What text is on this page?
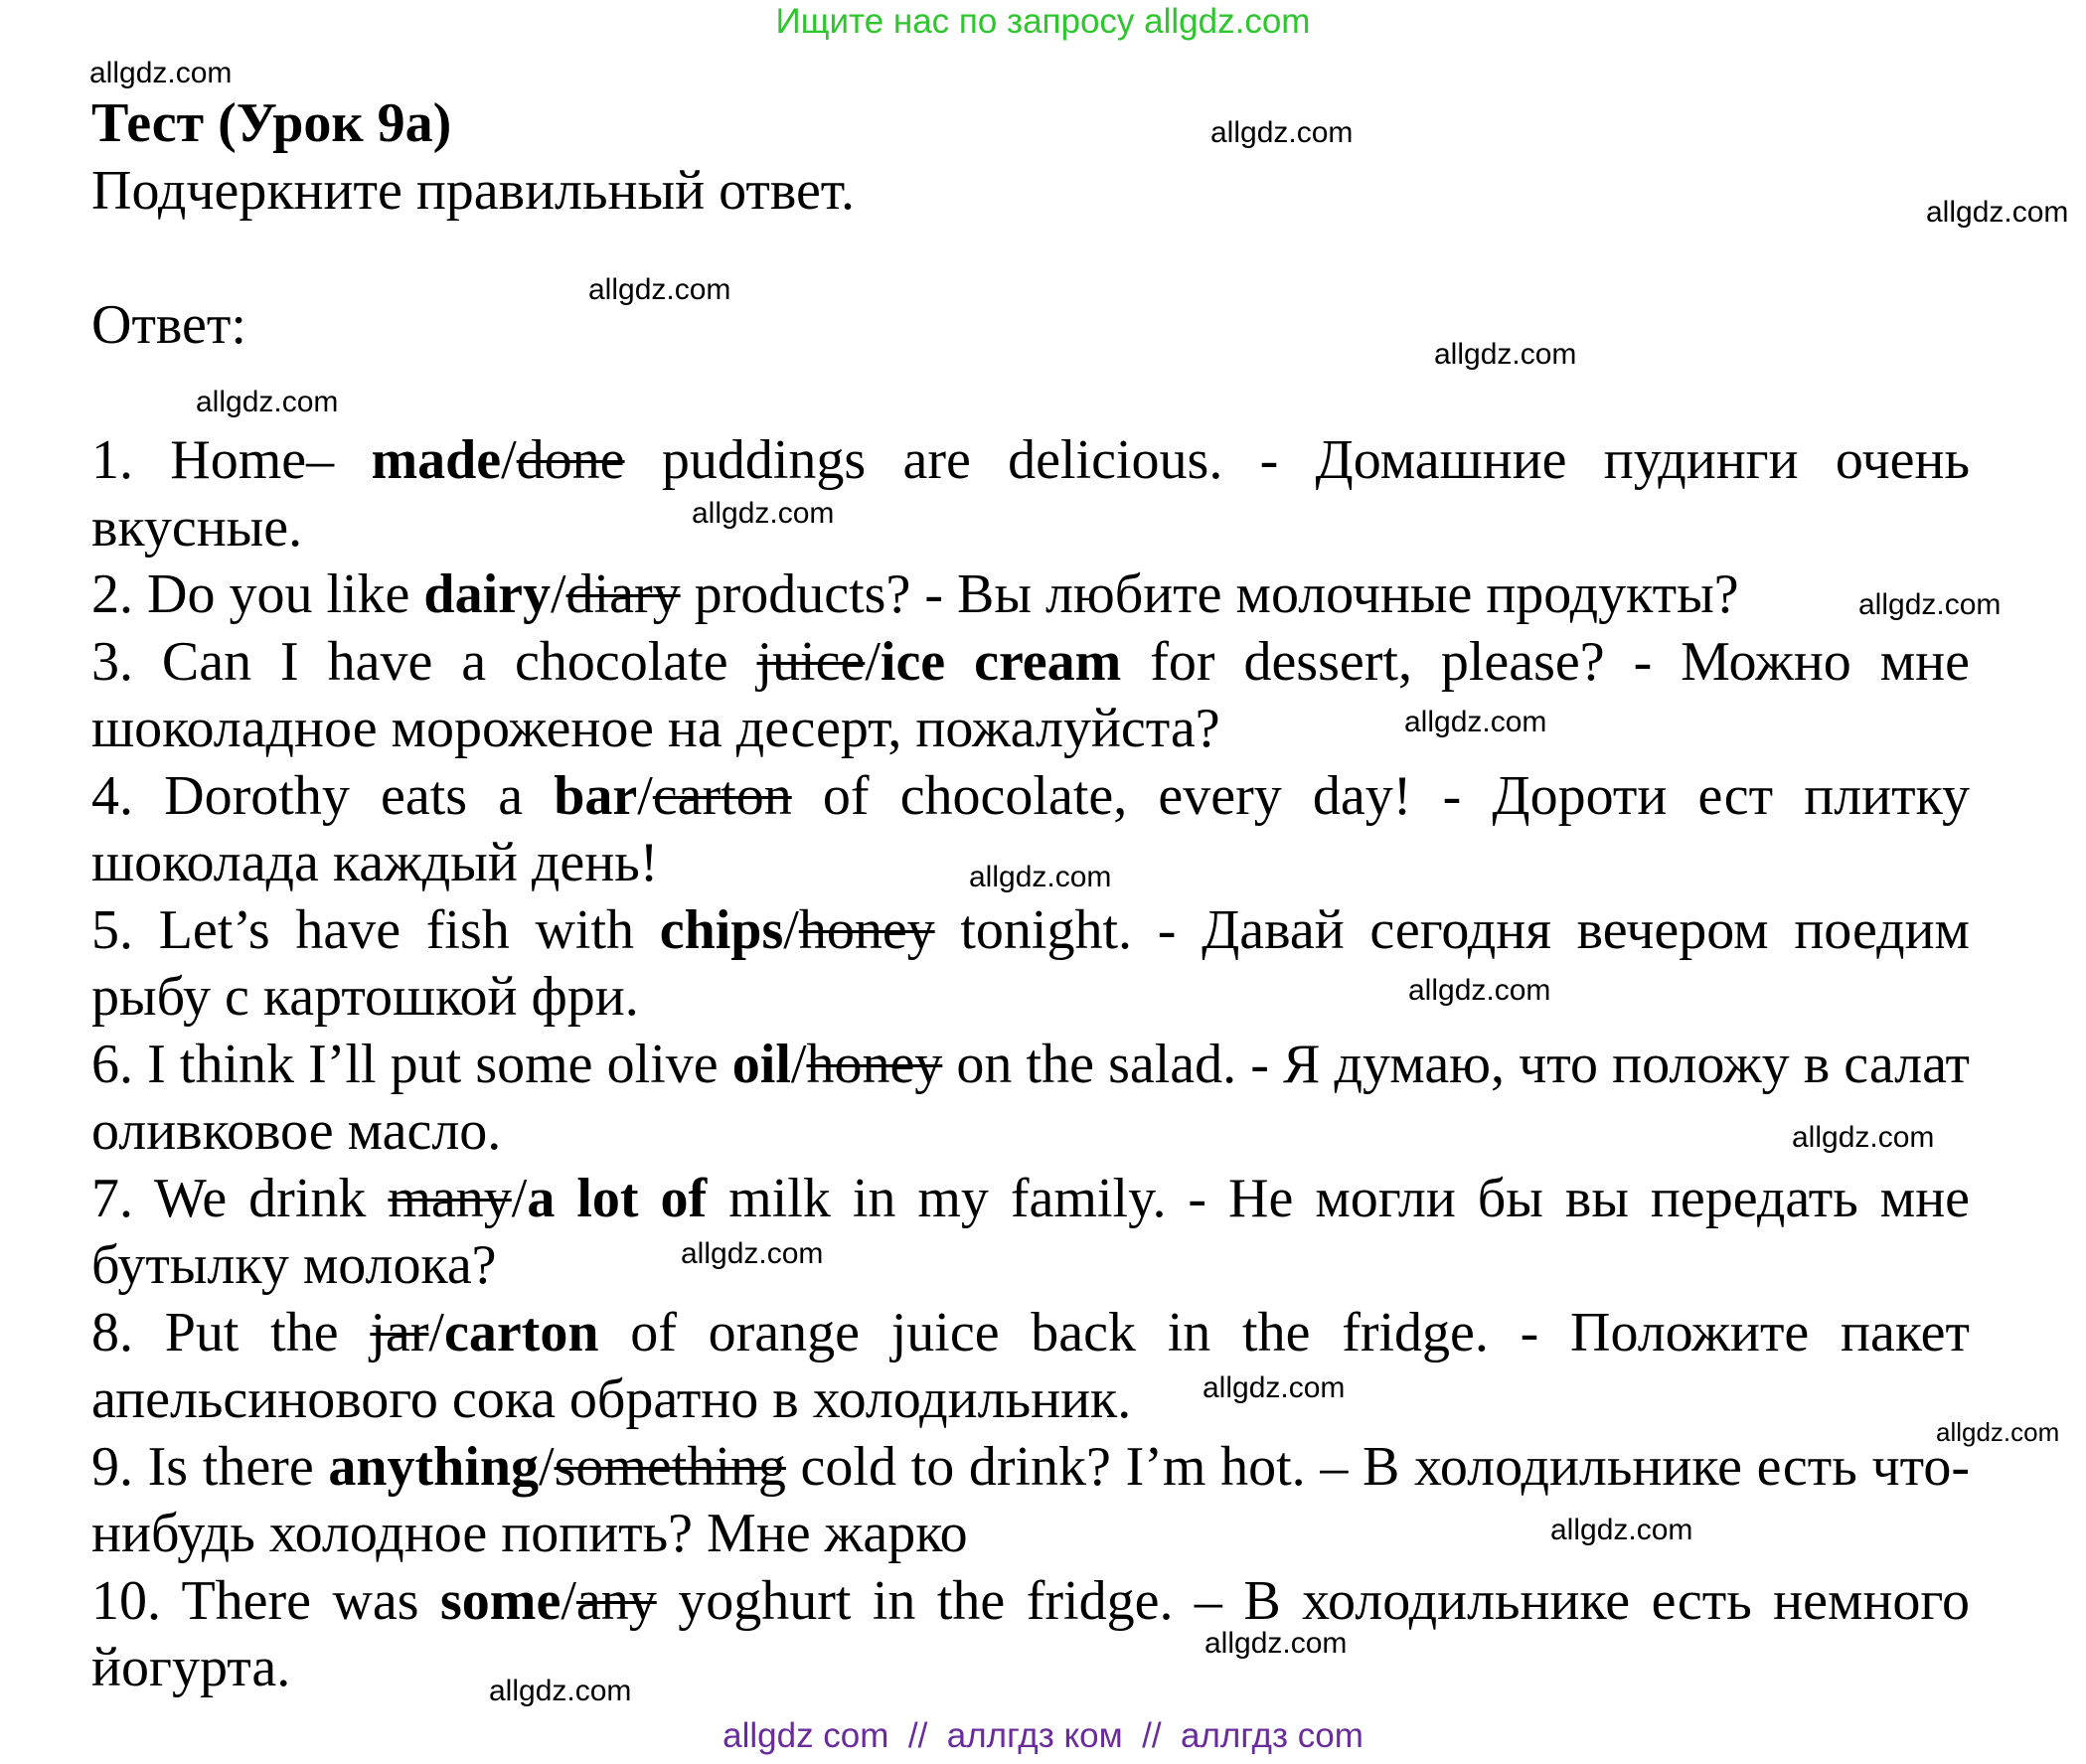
Ищите нас по запросу allgdz.com
Тест (Урок 9а)
Подчеркните правильный ответ.
Ответ:

1. Home– made/done puddings are delicious. - Домашние пудинги очень вкусные.

2. Do you like dairy/diary products? - Вы любите молочные продукты?

3. Can I have a chocolate juice/ice cream for dessert, please? - Можно мне шоколадное мороженое на десерт, пожалуйста?

4. Dorothy eats a bar/carton of chocolate, every day! - Дороти ест плитку шоколада каждый день!

5. Let’s have fish with chips/honey tonight. - Давай сегодня вечером поедим рыбу с картошкой фри.

6. I think I’ll put some olive oil/honey on the salad. - Я думаю, что положу в салат оливковое масло.

7. We drink many/a lot of milk in my family. - Не могли бы вы передать мне бутылку молока?

8. Put the jar/carton of orange juice back in the fridge. - Положите пакет апельсинового сока обратно в холодильник.

9. Is there anything/something cold to drink? I’m hot. – В холодильнике есть что-нибудь холодное попить? Мне жарко

10. There was some/any yoghurt in the fridge. – В холодильнике есть немного йогурта.

allgdz.com
allgdz.com
allgdz.com
allgdz.com
allgdz.com
allgdz.com
allgdz.com
allgdz.com
allgdz.com
allgdz.com
allgdz.com
allgdz.com
allgdz.com
allgdz.com
allgdz.com
allgdz.com
allgdz.com
allgdz.com
allgdz com  //  аллгдз ком  //  аллгдз com
